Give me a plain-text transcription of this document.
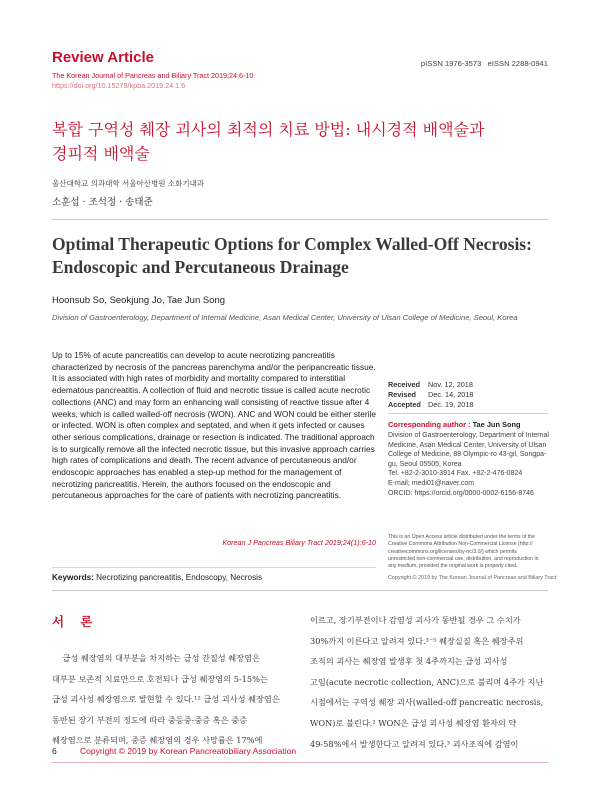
Review Article
The Korean Journal of Pancreas and Biliary Tract 2019;24:6-10
https://doi.org/10.15279/kpba.2019.24.1.6
pISSN 1976-3573   eISSN 2288-0941
복합 구역성 췌장 괴사의 최적의 치료 방법: 내시경적 배액술과
경피적 배액술
울산대학교 의과대학 서울아산병원 소화기내과
소훈섭 · 조석정 · 송태준
Optimal Therapeutic Options for Complex Walled-Off Necrosis:
Endoscopic and Percutaneous Drainage
Hoonsub So, Seokjung Jo, Tae Jun Song
Division of Gastroenterology, Department of Internal Medicine, Asan Medical Center, University of Ulsan College of Medicine, Seoul, Korea
Up to 15% of acute pancreatitis can develop to acute necrotizing pancreatitis characterized by necrosis of the pancreas parenchyma and/or the peripancreatic tissue. It is associated with high rates of morbidity and mortality compared to interstitial edematous pancreatitis. A collection of fluid and necrotic tissue is called acute necrotic collections (ANC) and may form an enhancing wall consisting of reactive tissue after 4 weeks, which is called walled-off necrosis (WON). ANC and WON could be either sterile or infected. WON is often complex and septated, and when it gets infected or causes other serious complications, drainage or resection is indicated. The traditional approach is to surgically remove all the infected necrotic tissue, but this invasive approach carries high rates of complications and death. The recent advance of percutaneous and/or endoscopic approaches has enabled a step-up method for the management of necrotizing pancreatitis. Herein, the authors focused on the endoscopic and percutaneous approaches for the care of patients with necrotizing pancreatitis.
Korean J Pancreas Biliary Tract 2019;24(1):6-10
Received Nov. 12, 2018
Revised Dec. 14, 2018
Accepted Dec. 19, 2018
Corresponding author : Tae Jun Song
Division of Gastroenterology, Department of Internal
Medicine, Asan Medical Center, University of Ulsan
College of Medicine, 88 Olympic-ro 43-gil, Songpa-
gu, Seoul 05505, Korea
Tel. +82-2-3010-3914 Fax. +82-2-476-0824
E-mail; medi01@naver.com
ORCID: https://orcid.org/0000-0002-6156-8746
This is an Open Access article distributed under the terms of the
Creative Commons Attribution Non-Commercial License (http://
creativecommons.org/licenses/by-nc/3.0/) which permits
unrestricted non-commercial use, distribution, and reproduction in
any medium, provided the original work is properly cited.
Copyright © 2019 by The Korean Journal of Pancreas and Biliary Tract
Keywords: Necrotizing pancreatitis, Endoscopy, Necrosis
서 론
급성 췌장염의 대부분을 차지하는 급성 간질성 췌장염은
대부분 보존적 치료만으로 호전되나 급성 췌장염의 5-15%는
급성 괴사성 췌장염으로 발현할 수 있다.¹² 급성 괴사성 췌장염은
동반된 장기 부전의 정도에 따라 중등중-중증 혹은 중증
췌장염으로 분류되며, 중증 췌장염의 경우 사망률은 17%에
이르고, 장기부전이나 감염성 괴사가 동반될 경우 그 수치가
30%까지 이른다고 알려져 있다.³⁻⁵ 췌장실질 혹은 췌장주위
조직의 괴사는 췌장염 발생후 첫 4주까지는 급성 괴사성
고임(acute necrotic collection, ANC)으로 불리며 4주가 지난
시점에서는 구역성 췌장 괴사(walled-off pancreatic necrosis,
WON)로 불린다.² WON은 급성 괴사성 췌장염 환자의 약
49-58%에서 발생한다고 알려져 있다.³ 괴사조직에 감염이
6	Copyright © 2019 by Korean Pancreatobiliary Association
